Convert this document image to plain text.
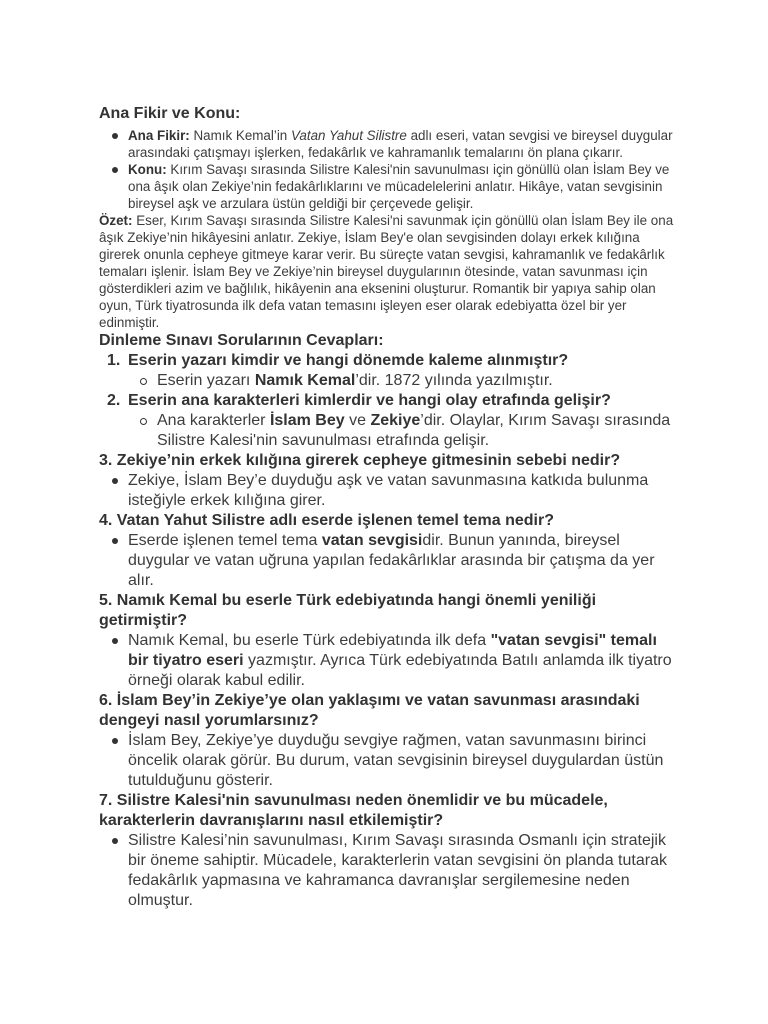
Ana Fikir ve Konu:

Ana Fikir: Namık Kemal’in Vatan Yahut Silistre adlı eseri, vatan sevgisi ve bireysel duygular arasındaki çatışmayı işlerken, fedakârlık ve kahramanlık temalarını ön plana çıkarır.
Konu: Kırım Savaşı sırasında Silistre Kalesi'nin savunulması için gönüllü olan İslam Bey ve ona âşık olan Zekiye’nin fedakârlıklarını ve mücadelelerini anlatır. Hikâye, vatan sevgisinin bireysel aşk ve arzulara üstün geldiği bir çerçevede gelişir.

Özet: Eser, Kırım Savaşı sırasında Silistre Kalesi'ni savunmak için gönüllü olan İslam Bey ile ona âşık Zekiye’nin hikâyesini anlatır. Zekiye, İslam Bey'e olan sevgisinden dolayı erkek kılığına girerek onunla cepheye gitmeye karar verir. Bu süreçte vatan sevgisi, kahramanlık ve fedakârlık temaları işlenir. İslam Bey ve Zekiye’nin bireysel duygularının ötesinde, vatan savunması için gösterdikleri azim ve bağlılık, hikâyenin ana eksenini oluşturur. Romantik bir yapıya sahip olan oyun, Türk tiyatrosunda ilk defa vatan temasını işleyen eser olarak edebiyatta özel bir yer edinmiştir.

Dinleme Sınavı Sorularının Cevapları:

1. Eserin yazarı kimdir ve hangi dönemde kaleme alınmıştır?

Eserin yazarı Namık Kemal’dir. 1872 yılında yazılmıştır.

2. Eserin ana karakterleri kimlerdir ve hangi olay etrafında gelişir?

Ana karakterler İslam Bey ve Zekiye’dir. Olaylar, Kırım Savaşı sırasında Silistre Kalesi'nin savunulması etrafında gelişir.

3. Zekiye’nin erkek kılığına girerek cepheye gitmesinin sebebi nedir?

Zekiye, İslam Bey’e duyduğu aşk ve vatan savunmasına katkıda bulunma isteğiyle erkek kılığına girer.

4. Vatan Yahut Silistre adlı eserde işlenen temel tema nedir?

Eserde işlenen temel tema vatan sevgisidir. Bunun yanında, bireysel duygular ve vatan uğruna yapılan fedakârlıklar arasında bir çatışma da yer alır.

5. Namık Kemal bu eserle Türk edebiyatında hangi önemli yeniliği getirmiştir?

Namık Kemal, bu eserle Türk edebiyatında ilk defa "vatan sevgisi" temalı bir tiyatro eseri yazmıştır. Ayrıca Türk edebiyatında Batılı anlamda ilk tiyatro örneği olarak kabul edilir.

6. İslam Bey’in Zekiye’ye olan yaklaşımı ve vatan savunması arasındaki dengeyi nasıl yorumlarsınız?

İslam Bey, Zekiye’ye duyduğu sevgiye rağmen, vatan savunmasını birinci öncelik olarak görür. Bu durum, vatan sevgisinin bireysel duygulardan üstün tutulduğunu gösterir.

7. Silistre Kalesi'nin savunulması neden önemlidir ve bu mücadele, karakterlerin davranışlarını nasıl etkilemiştir?

Silistre Kalesi’nin savunulması, Kırım Savaşı sırasında Osmanlı için stratejik bir öneme sahiptir. Mücadele, karakterlerin vatan sevgisini ön planda tutarak fedakârlık yapmasına ve kahramanca davranışlar sergilemesine neden olmuştur.
